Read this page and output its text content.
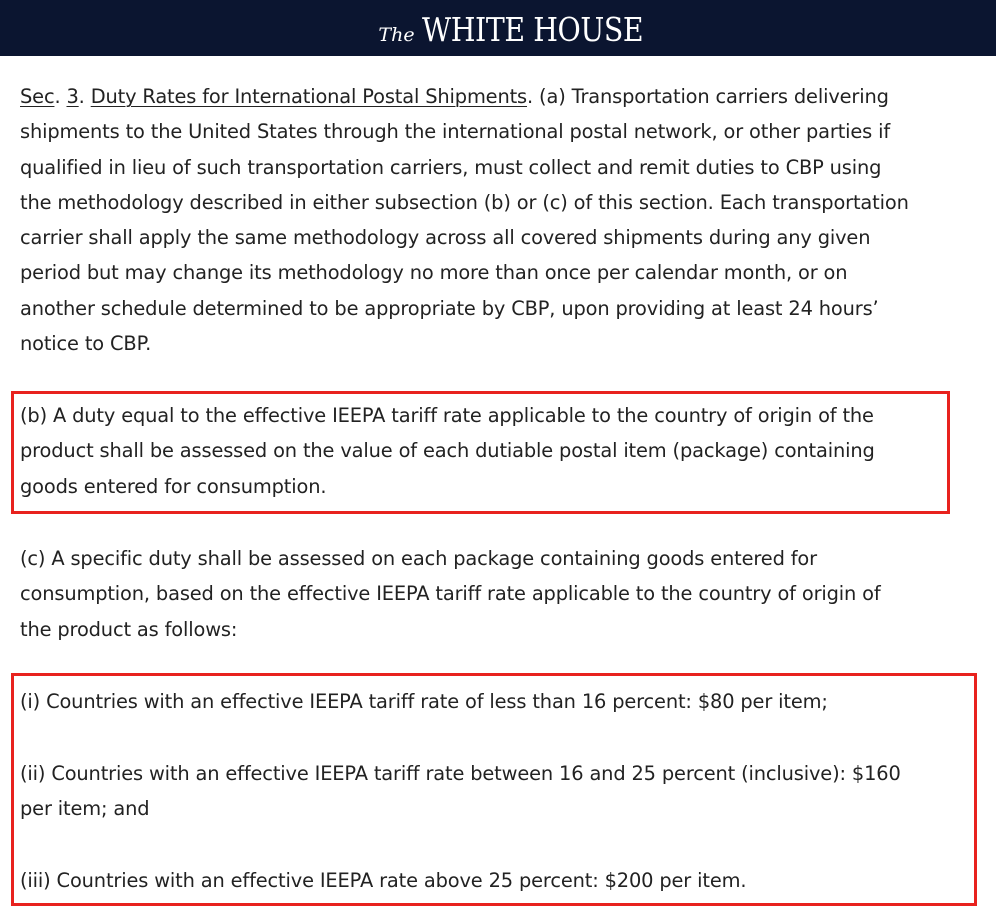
The WHITE HOUSE

Sec. 3. Duty Rates for International Postal Shipments. (a) Transportation carriers delivering
shipments to the United States through the international postal network, or other parties if
qualified in lieu of such transportation carriers, must collect and remit duties to CBP using
the methodology described in either subsection (b) or (c) of this section. Each transportation
carrier shall apply the same methodology across all covered shipments during any given
period but may change its methodology no more than once per calendar month, or on
another schedule determined to be appropriate by CBP, upon providing at least 24 hours’
notice to CBP.

(b) A duty equal to the effective IEEPA tariff rate applicable to the country of origin of the
product shall be assessed on the value of each dutiable postal item (package) containing
goods entered for consumption.

(c) A specific duty shall be assessed on each package containing goods entered for
consumption, based on the effective IEEPA tariff rate applicable to the country of origin of
the product as follows:

(i) Countries with an effective IEEPA tariff rate of less than 16 percent: $80 per item;

(ii) Countries with an effective IEEPA tariff rate between 16 and 25 percent (inclusive): $160
per item; and

(iii) Countries with an effective IEEPA rate above 25 percent: $200 per item.
